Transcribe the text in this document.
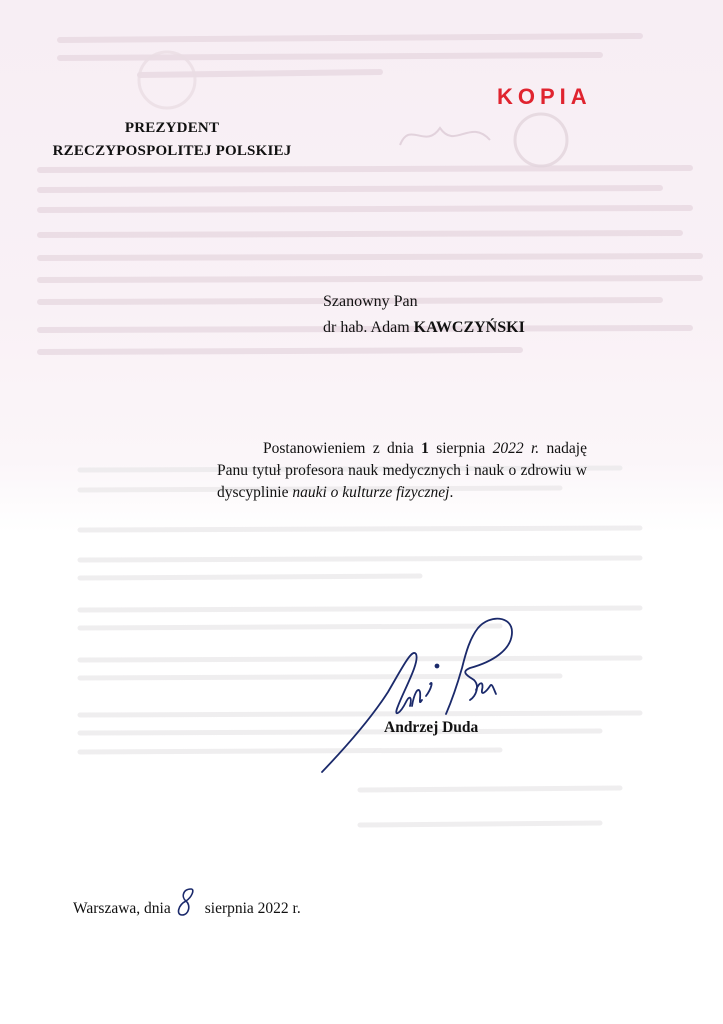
PREZYDENT
RZECZYPOSPOLITEJ POLSKIEJ
KOPIA
Szanowny Pan
dr hab. Adam KAWCZYŃSKI
Postanowieniem z dnia 1 sierpnia 2022 r. nadaję Panu tytuł profesora nauk medycznych i nauk o zdrowiu w dyscyplinie nauki o kulturze fizycznej.
Andrzej Duda
Warszawa, dnia sierpnia 2022 r.
